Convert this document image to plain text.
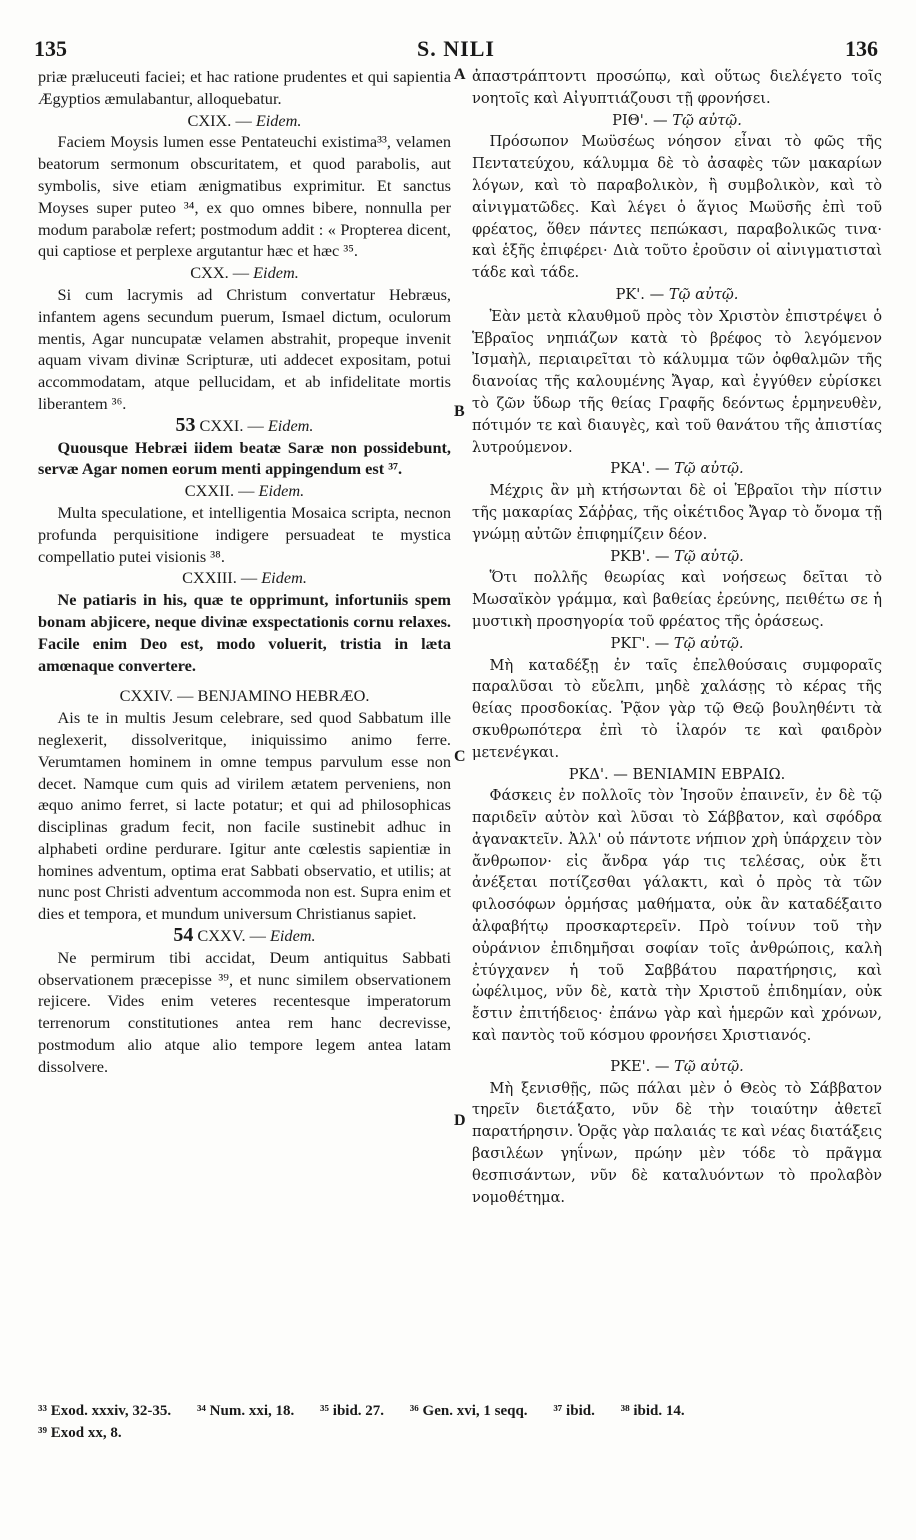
135	S. NILI	136

priæ præluceuti faciei; et hac ratione prudentes et qui sapientia Ægyptios æmulabantur, alloquebatur.

CXIX. — Eidem.

Faciem Moysis lumen esse Pentateuchi existima³³, velamen beatorum sermonum obscuritatem, et quod parabolis, aut symbolis, sive etiam ænigmatibus exprimitur. Et sanctus Moyses super puteo ³⁴, ex quo omnes bibere, nonnulla per modum parabolæ refert; postmodum addit : « Propterea dicent, qui captiose et perplexe argutantur hæc et hæc ³⁵.

CXX. — Eidem.

Si cum lacrymis ad Christum convertatur Hebræus, infantem agens secundum puerum, Ismael dictum, oculorum mentis, Agar nuncupatæ velamen abstrahit, propeque invenit aquam vivam divinæ Scripturæ, uti addecet expositam, potui accommodatam, atque pellucidam, et ab infidelitate mortis liberantem ³⁶.

53 CXXI. — Eidem.

Quousque Hebræi iidem beatæ Saræ non possidebunt, servæ Agar nomen eorum menti appingendum est ³⁷.

CXXII. — Eidem.

Multa speculatione, et intelligentia Mosaica scripta, necnon profunda perquisitione indigere persuadeat te mystica compellatio putei visionis ³⁸.

CXXIII. — Eidem.

Ne patiaris in his, quæ te opprimunt, infortuniis spem bonam abjicere, neque divinæ exspectationis cornu relaxes. Facile enim Deo est, modo voluerit, tristia in læta amœnaque convertere.

CXXIV. — BENJAMINO HEBRÆO.

Ais te in multis Jesum celebrare, sed quod Sabbatum ille neglexerit, dissolveritque, iniquissimo animo ferre. Verumtamen hominem in omne tempus parvulum esse non decet. Namque cum quis ad virilem ætatem perveniens, non æquo animo ferret, si lacte potatur; et qui ad philosophicas disciplinas gradum fecit, non facile sustinebit adhuc in alphabeti ordine perdurare. Igitur ante cœlestis sapientiæ in homines adventum, optima erat Sabbati observatio, et utilis; at nunc post Christi adventum accommoda non est. Supra enim et dies et tempora, et mundum universum Christianus sapiet.

54 CXXV. — Eidem.

Ne permirum tibi accidat, Deum antiquitus Sabbati observationem præcepisse ³⁹, et nunc similem observationem rejicere. Vides enim veteres recentesque imperatorum terrenorum constitutiones antea rem hanc decrevisse, postmodum alio atque alio tempore legem antea latam dissolvere.

A
B
C
D

ἀπαστράπτοντι προσώπῳ, καὶ οὕτως διελέγετο τοῖς νοητοῖς καὶ Αἰγυπτιάζουσι τῇ φρονήσει.

ΡΙΘ'. — Τῷ αὐτῷ.

Πρόσωπον Μωϋσέως νόησον εἶναι τὸ φῶς τῆς Πεντατεύχου, κάλυμμα δὲ τὸ ἀσαφὲς τῶν μακαρίων λόγων, καὶ τὸ παραβολικὸν, ἢ συμβολικὸν, καὶ τὸ αἰνιγματῶδες. Καὶ λέγει ὁ ἅγιος Μωϋσῆς ἐπὶ τοῦ φρέατος, ὅθεν πάντες πεπώκασι, παραβολικῶς τινα· καὶ ἑξῆς ἐπιφέρει· Διὰ τοῦτο ἐροῦσιν οἱ αἰνιγματισταὶ τάδε καὶ τάδε.

ΡΚ'. — Τῷ αὐτῷ.

Ἐὰν μετὰ κλαυθμοῦ πρὸς τὸν Χριστὸν ἐπιστρέψει ὁ Ἑβραῖος νηπιάζων κατὰ τὸ βρέφος τὸ λεγόμενον Ἰσμαὴλ, περιαιρεῖται τὸ κάλυμμα τῶν ὀφθαλμῶν τῆς διανοίας τῆς καλουμένης Ἄγαρ, καὶ ἐγγύθεν εὑρίσκει τὸ ζῶν ὕδωρ τῆς θείας Γραφῆς δεόντως ἑρμηνευθὲν, πότιμόν τε καὶ διαυγὲς, καὶ τοῦ θανάτου τῆς ἀπιστίας λυτρούμενον.

ΡΚΑ'. — Τῷ αὐτῷ.

Μέχρις ἂν μὴ κτήσωνται δὲ οἱ Ἑβραῖοι τὴν πίστιν τῆς μακαρίας Σάῤῥας, τῆς οἰκέτιδος Ἄγαρ τὸ ὄνομα τῇ γνώμῃ αὐτῶν ἐπιφημίζειν δέον.

ΡΚΒ'. — Τῷ αὐτῷ.

Ὅτι πολλῆς θεωρίας καὶ νοήσεως δεῖται τὸ Μωσαϊκὸν γράμμα, καὶ βαθείας ἐρεύνης, πειθέτω σε ἡ μυστικὴ προσηγορία τοῦ φρέατος τῆς ὁράσεως.

ΡΚΓ'. — Τῷ αὐτῷ.

Μὴ καταδέξῃ ἐν ταῖς ἐπελθούσαις συμφοραῖς παραλῦσαι τὸ εὔελπι, μηδὲ χαλάσῃς τὸ κέρας τῆς θείας προσδοκίας. Ῥᾷον γὰρ τῷ Θεῷ βουληθέντι τὰ σκυθρωπότερα ἐπὶ τὸ ἱλαρόν τε καὶ φαιδρὸν μετενέγκαι.

ΡΚΔ'. — ΒΕΝΙΑΜΙΝ ΕΒΡΑΙΩ.

Φάσκεις ἐν πολλοῖς τὸν Ἰησοῦν ἐπαινεῖν, ἐν δὲ τῷ παριδεῖν αὐτὸν καὶ λῦσαι τὸ Σάββατον, καὶ σφόδρα ἀγανακτεῖν. Ἀλλ' οὐ πάντοτε νήπιον χρὴ ὑπάρχειν τὸν ἄνθρωπον· εἰς ἄνδρα γάρ τις τελέσας, οὐκ ἔτι ἀνέξεται ποτίζεσθαι γάλακτι, καὶ ὁ πρὸς τὰ τῶν φιλοσόφων ὁρμήσας μαθήματα, οὐκ ἂν καταδέξαιτο ἀλφαβήτῳ προσκαρτερεῖν. Πρὸ τοίνυν τοῦ τὴν οὐράνιον ἐπιδημῆσαι σοφίαν τοῖς ἀνθρώποις, καλὴ ἐτύγχανεν ἡ τοῦ Σαββάτου παρατήρησις, καὶ ὠφέλιμος, νῦν δὲ, κατὰ τὴν Χριστοῦ ἐπιδημίαν, οὐκ ἔστιν ἐπιτήδειος· ἐπάνω γὰρ καὶ ἡμερῶν καὶ χρόνων, καὶ παντὸς τοῦ κόσμου φρονήσει Χριστιανός.

ΡΚΕ'. — Τῷ αὐτῷ.

Μὴ ξενισθῇς, πῶς πάλαι μὲν ὁ Θεὸς τὸ Σάββατον τηρεῖν διετάξατο, νῦν δὲ τὴν τοιαύτην ἀθετεῖ παρατήρησιν. Ὁρᾷς γὰρ παλαιάς τε καὶ νέας διατάξεις βασιλέων γηΐνων, πρώην μὲν τόδε τὸ πρᾶγμα θεσπισάντων, νῦν δὲ καταλυόντων τὸ προλαβὸν νομοθέτημα.

³³ Exod. xxxiv, 32-35. ³⁴ Num. xxi, 18. ³⁵ ibid. 27. ³⁶ Gen. xvi, 1 seqq. ³⁷ ibid. ³⁸ ibid. 14.
³⁹ Exod xx, 8.
